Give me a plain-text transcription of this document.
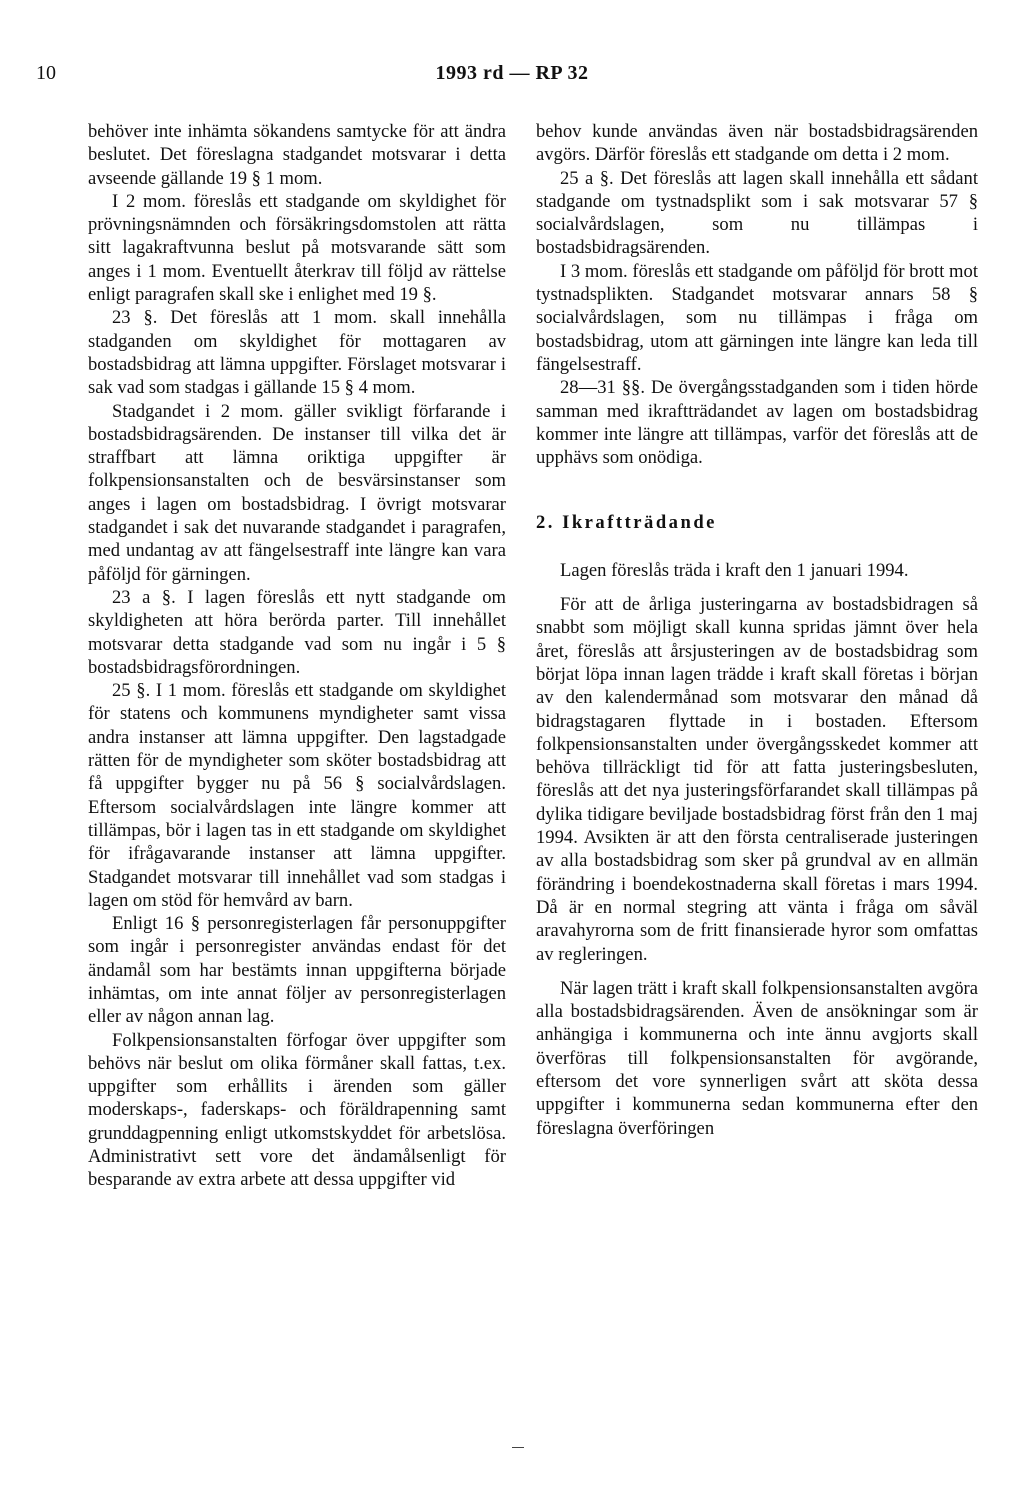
10	1993 rd — RP 32

behöver inte inhämta sökandens samtycke för att ändra beslutet. Det föreslagna stadgandet motsvarar i detta avseende gällande 19 § 1 mom.

I 2 mom. föreslås ett stadgande om skyldighet för prövningsnämnden och försäkringsdomstolen att rätta sitt lagakraftvunna beslut på motsvarande sätt som anges i 1 mom. Eventuellt återkrav till följd av rättelse enligt paragrafen skall ske i enlighet med 19 §.

23 §. Det föreslås att 1 mom. skall innehålla stadganden om skyldighet för mottagaren av bostadsbidrag att lämna uppgifter. Förslaget motsvarar i sak vad som stadgas i gällande 15 § 4 mom.

Stadgandet i 2 mom. gäller svikligt förfarande i bostadsbidragsärenden. De instanser till vilka det är straffbart att lämna oriktiga uppgifter är folkpensionsanstalten och de besvärsinstanser som anges i lagen om bostadsbidrag. I övrigt motsvarar stadgandet i sak det nuvarande stadgandet i paragrafen, med undantag av att fängelsestraff inte längre kan vara påföljd för gärningen.

23 a §. I lagen föreslås ett nytt stadgande om skyldigheten att höra berörda parter. Till innehållet motsvarar detta stadgande vad som nu ingår i 5 § bostadsbidragsförordningen.

25 §. I 1 mom. föreslås ett stadgande om skyldighet för statens och kommunens myndigheter samt vissa andra instanser att lämna uppgifter. Den lagstadgade rätten för de myndigheter som sköter bostadsbidrag att få uppgifter bygger nu på 56 § socialvårdslagen. Eftersom socialvårdslagen inte längre kommer att tillämpas, bör i lagen tas in ett stadgande om skyldighet för ifrågavarande instanser att lämna uppgifter. Stadgandet motsvarar till innehållet vad som stadgas i lagen om stöd för hemvård av barn.

Enligt 16 § personregisterlagen får personuppgifter som ingår i personregister användas endast för det ändamål som har bestämts innan uppgifterna började inhämtas, om inte annat följer av personregisterlagen eller av någon annan lag.

Folkpensionsanstalten förfogar över uppgifter som behövs när beslut om olika förmåner skall fattas, t.ex. uppgifter som erhållits i ärenden som gäller moderskaps-, faderskaps- och föräldrapenning samt grunddagpenning enligt utkomstskyddet för arbetslösa. Administrativt sett vore det ändamålsenligt för besparande av extra arbete att dessa uppgifter vid

behov kunde användas även när bostadsbidragsärenden avgörs. Därför föreslås ett stadgande om detta i 2 mom.

25 a §. Det föreslås att lagen skall innehålla ett sådant stadgande om tystnadsplikt som i sak motsvarar 57 § socialvårdslagen, som nu tillämpas i bostadsbidragsärenden.

I 3 mom. föreslås ett stadgande om påföljd för brott mot tystnadsplikten. Stadgandet motsvarar annars 58 § socialvårdslagen, som nu tillämpas i fråga om bostadsbidrag, utom att gärningen inte längre kan leda till fängelsestraff.

28—31 §§. De övergångsstadganden som i tiden hörde samman med ikraftträdandet av lagen om bostadsbidrag kommer inte längre att tillämpas, varför det föreslås att de upphävs som onödiga.

2. Ikraftträdande

Lagen föreslås träda i kraft den 1 januari 1994.

För att de årliga justeringarna av bostadsbidragen så snabbt som möjligt skall kunna spridas jämnt över hela året, föreslås att årsjusteringen av de bostadsbidrag som börjat löpa innan lagen trädde i kraft skall företas i början av den kalendermånad som motsvarar den månad då bidragstagaren flyttade in i bostaden. Eftersom folkpensionsanstalten under övergångsskedet kommer att behöva tillräckligt tid för att fatta justeringsbesluten, föreslås att det nya justeringsförfarandet skall tillämpas på dylika tidigare beviljade bostadsbidrag först från den 1 maj 1994. Avsikten är att den första centraliserade justeringen av alla bostadsbidrag som sker på grundval av en allmän förändring i boendekostnaderna skall företas i mars 1994. Då är en normal stegring att vänta i fråga om såväl aravahyrorna som de fritt finansierade hyror som omfattas av regleringen.

När lagen trätt i kraft skall folkpensionsanstalten avgöra alla bostadsbidragsärenden. Även de ansökningar som är anhängiga i kommunerna och inte ännu avgjorts skall överföras till folkpensionsanstalten för avgörande, eftersom det vore synnerligen svårt att sköta dessa uppgifter i kommunerna sedan kommunerna efter den föreslagna överföringen
